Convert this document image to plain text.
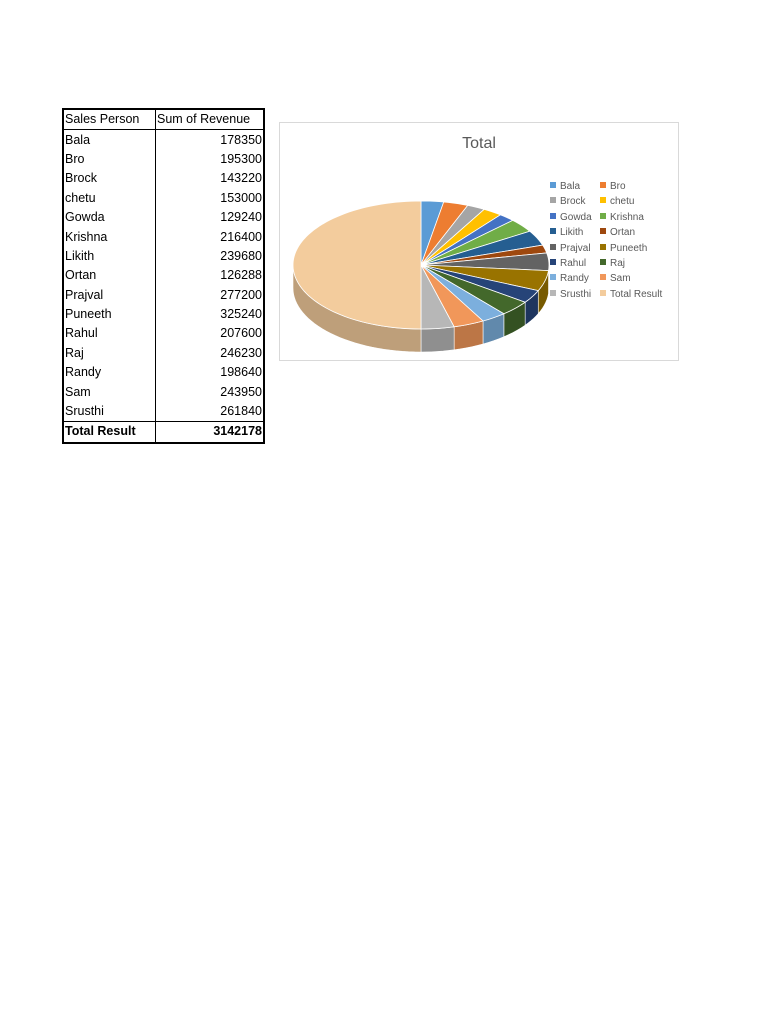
Sales Person	Sum of Revenue
Bala	178350
Bro	195300
Brock	143220
chetu	153000
Gowda	129240
Krishna	216400
Likith	239680
Ortan	126288
Prajval	277200
Puneeth	325240
Rahul	207600
Raj	246230
Randy	198640
Sam	243950
Srusthi	261840
Total Result	3142178
Total
Bala	Bro
Brock	chetu
Gowda	Krishna
Likith	Ortan
Prajval	Puneeth
Rahul	Raj
Randy	Sam
Srusthi	Total Result
